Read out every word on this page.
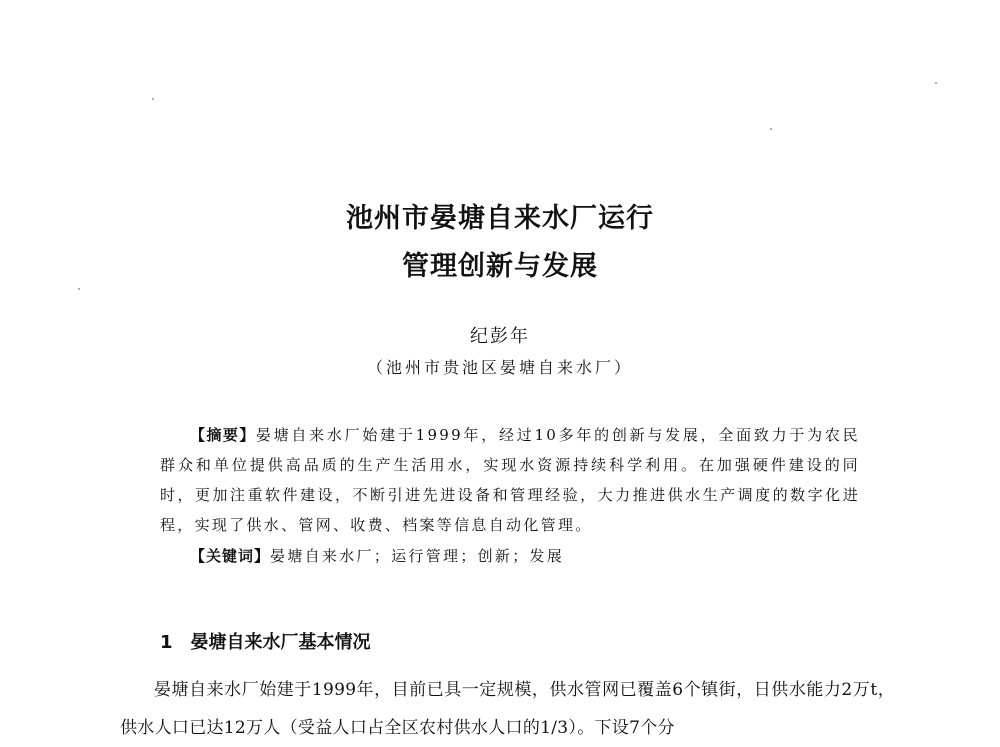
池州市晏塘自来水厂运行
管理创新与发展
纪彭年
（池州市贵池区晏塘自来水厂）
【摘要】晏塘自来水厂始建于1999年，经过10多年的创新与发展，全面致力于为农民群众和单位提供高品质的生产生活用水，实现水资源持续科学利用。在加强硬件建设的同时，更加注重软件建设，不断引进先进设备和管理经验，大力推进供水生产调度的数字化进程，实现了供水、管网、收费、档案等信息自动化管理。
【关键词】晏塘自来水厂；运行管理；创新；发展
1 晏塘自来水厂基本情况
晏塘自来水厂始建于1999年，目前已具一定规模，供水管网已覆盖6个镇街，日供水能力2万t，供水人口已达12万人（受益人口占全区农村供水人口的1/3）。下设7个分
